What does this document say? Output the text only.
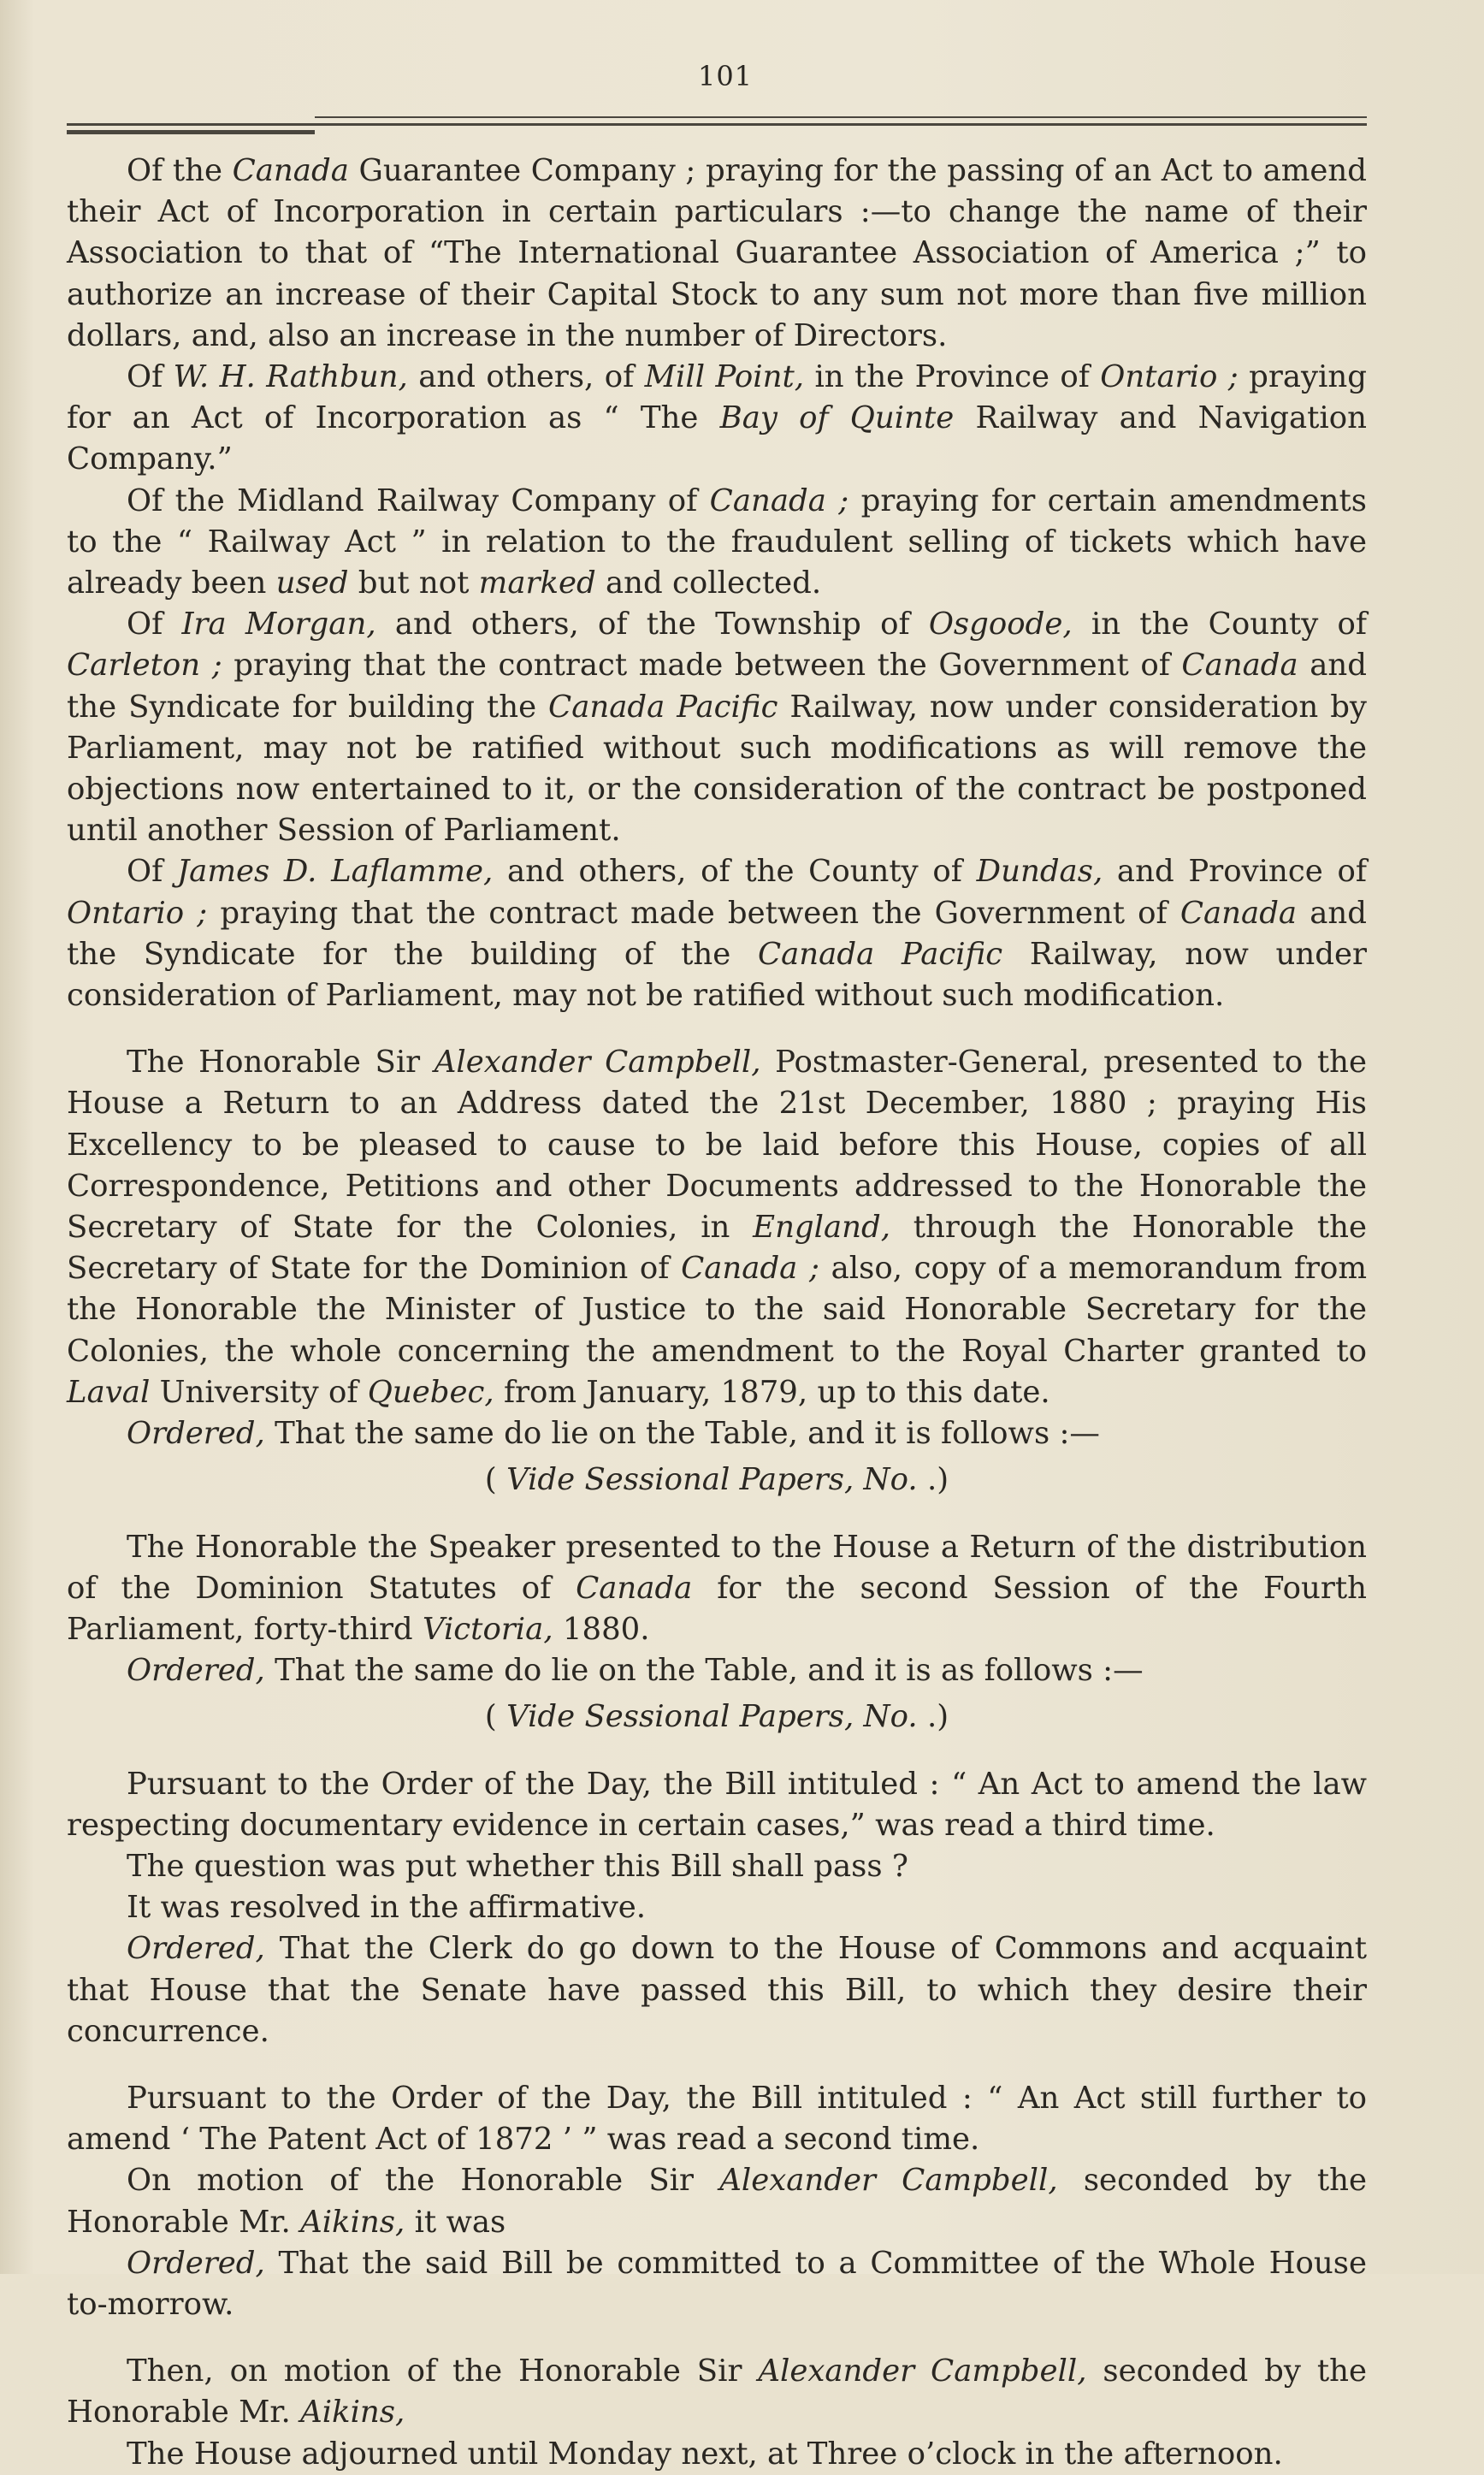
101

Of the Canada Guarantee Company ; praying for the passing of an Act to amend their Act of Incorporation in certain particulars :—to change the name of their Association to that of “The International Guarantee Association of America ;” to authorize an increase of their Capital Stock to any sum not more than five million dollars, and, also an increase in the number of Directors.

Of W. H. Rathbun, and others, of Mill Point, in the Province of Ontario ; praying for an Act of Incorporation as “ The Bay of Quinte Railway and Navigation Company.”

Of the Midland Railway Company of Canada ; praying for certain amendments to the “ Railway Act ” in relation to the fraudulent selling of tickets which have already been used but not marked and collected.

Of Ira Morgan, and others, of the Township of Osgoode, in the County of Carleton ; praying that the contract made between the Government of Canada and the Syndicate for building the Canada Pacific Railway, now under consideration by Parliament, may not be ratified without such modifications as will remove the objections now entertained to it, or the consideration of the contract be postponed until another Session of Parliament.

Of James D. Laflamme, and others, of the County of Dundas, and Province of Ontario ; praying that the contract made between the Government of Canada and the Syndicate for the building of the Canada Pacific Railway, now under consideration of Parliament, may not be ratified without such modification.

The Honorable Sir Alexander Campbell, Postmaster-General, presented to the House a Return to an Address dated the 21st December, 1880 ; praying His Excellency to be pleased to cause to be laid before this House, copies of all Correspondence, Petitions and other Documents addressed to the Honorable the Secretary of State for the Colonies, in England, through the Honorable the Secretary of State for the Dominion of Canada ; also, copy of a memorandum from the Honorable the Minister of Justice to the said Honorable Secretary for the Colonies, the whole concerning the amendment to the Royal Charter granted to Laval University of Quebec, from January, 1879, up to this date.

Ordered, That the same do lie on the Table, and it is follows :—

( Vide Sessional Papers, No. .)

The Honorable the Speaker presented to the House a Return of the distribution of the Dominion Statutes of Canada for the second Session of the Fourth Parliament, forty-third Victoria, 1880.

Ordered, That the same do lie on the Table, and it is as follows :—

( Vide Sessional Papers, No. .)

Pursuant to the Order of the Day, the Bill intituled : “ An Act to amend the law respecting documentary evidence in certain cases,” was read a third time.

The question was put whether this Bill shall pass ?

It was resolved in the affirmative.

Ordered, That the Clerk do go down to the House of Commons and acquaint that House that the Senate have passed this Bill, to which they desire their concurrence.

Pursuant to the Order of the Day, the Bill intituled : “ An Act still further to amend ‘ The Patent Act of 1872 ’ ” was read a second time.

On motion of the Honorable Sir Alexander Campbell, seconded by the Honorable Mr. Aikins, it was

Ordered, That the said Bill be committed to a Committee of the Whole House to-morrow.

Then, on motion of the Honorable Sir Alexander Campbell, seconded by the Honorable Mr. Aikins,

The House adjourned until Monday next, at Three o’clock in the afternoon.
